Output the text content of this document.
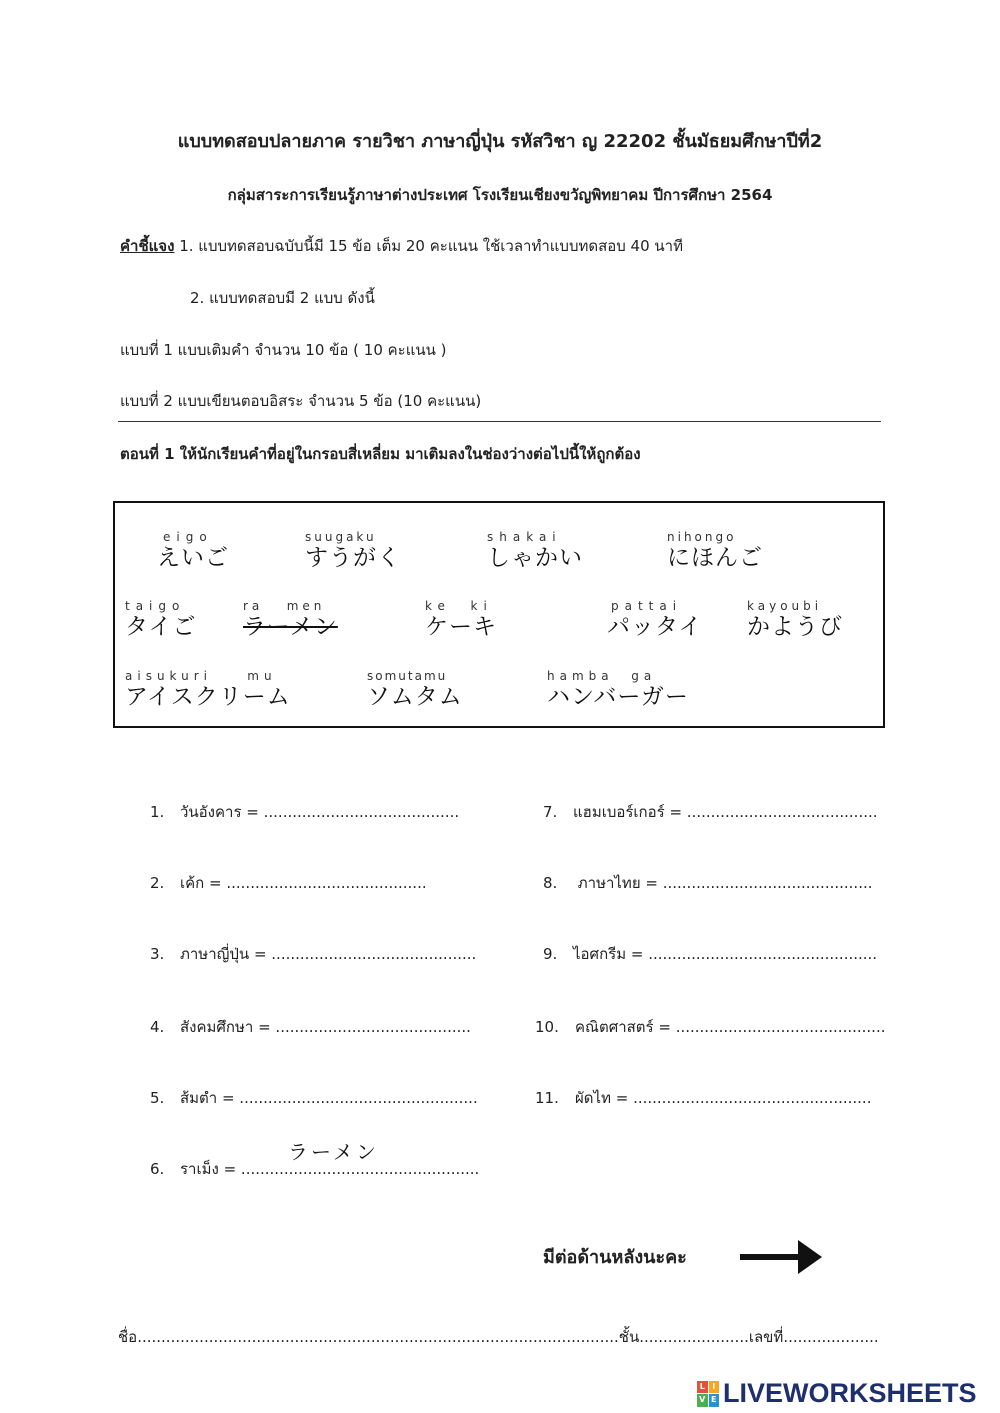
แบบทดสอบปลายภาค รายวิชา ภาษาญี่ปุ่น รหัสวิชา ญ 22202 ชั้นมัธยมศึกษาปีที่2
กลุ่มสาระการเรียนรู้ภาษาต่างประเทศ โรงเรียนเชียงขวัญพิทยาคม ปีการศึกษา 2564
คำชี้แจง 1. แบบทดสอบฉบับนี้มี 15 ข้อ เต็ม 20 คะแนน ใช้เวลาทำแบบทดสอบ 40 นาที
2. แบบทดสอบมี 2 แบบ ดังนี้
แบบที่ 1 แบบเติมคำ จำนวน 10 ข้อ ( 10 คะแนน )
แบบที่ 2 แบบเขียนตอบอิสระ จำนวน 5 ข้อ (10 คะแนน)
ตอนที่ 1 ให้นักเรียนคำที่อยู่ในกรอบสี่เหลี่ยม มาเติมลงในช่องว่างต่อไปนี้ให้ถูกต้อง
eigo
えいご
suugaku
すうがく
shakai
しゃかい
nihongo
にほんご
taigo
タイご
ra   men
ラーメン
ke  ki
ケーキ
pattai
パッタイ
kayoubi
かようび
aisukuri    mu
アイスクリーム
somutamu
ソムタム
hamba  ga
ハンバーガー
1. วันอังคาร = .........................................
2. เค้ก = ..........................................
3. ภาษาญี่ปุ่น = ...........................................
4. สังคมศึกษา = .........................................
5. ส้มตำ = ..................................................
6. ราเม็ง = ..................................................
ラーメン
7. แฮมเบอร์เกอร์ = ........................................
8. ภาษาไทย = ............................................
9. ไอศกรีม = ................................................
10. คณิตศาสตร์ = ............................................
11. ผัดไท = ..................................................
มีต่อด้านหลังนะคะ
ชื่อ.....................................................................................................ชั้น.......................เลขที่....................
L I
V E LIVEWORKSHEETS
